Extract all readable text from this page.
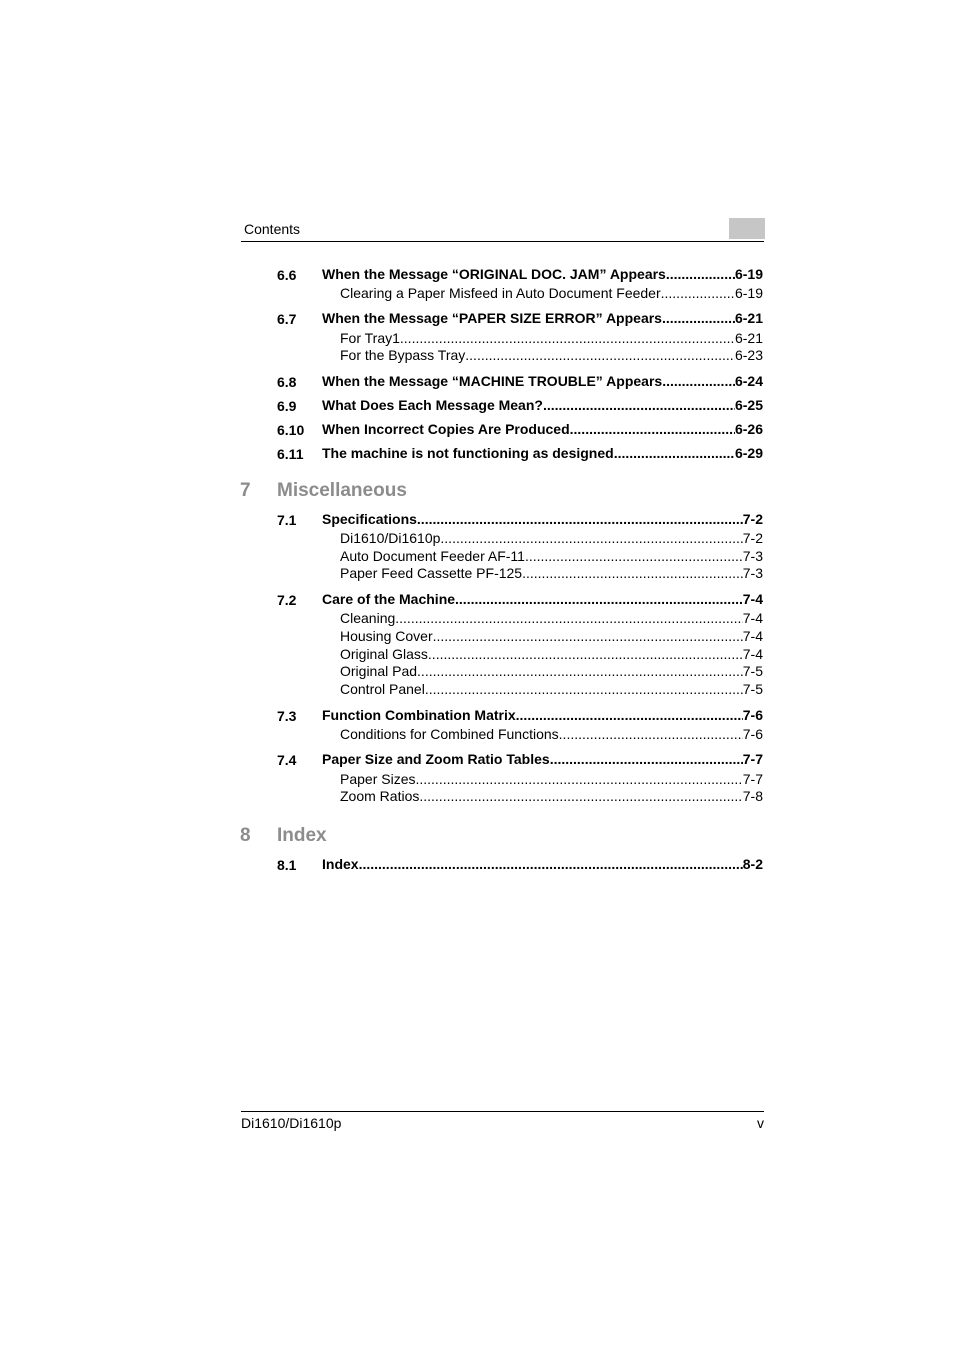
Contents
6.6 When the Message “ORIGINAL DOC. JAM” Appears .....	6-19
Clearing a Paper Misfeed in Auto Document Feeder .....	6-19
6.7 When the Message “PAPER SIZE ERROR” Appears .....	6-21
For Tray1 .....	6-21
For the Bypass Tray .....	6-23
6.8 When the Message “MACHINE TROUBLE” Appears .....	6-24
6.9 What Does Each Message Mean? .....	6-25
6.10 When Incorrect Copies Are Produced .....	6-26
6.11 The machine is not functioning as designed .....	6-29
7 Miscellaneous
7.1 Specifications .....	7-2
Di1610/Di1610p .....	7-2
Auto Document Feeder AF-11 .....	7-3
Paper Feed Cassette PF-125 .....	7-3
7.2 Care of the Machine .....	7-4
Cleaning .....	7-4
Housing Cover .....	7-4
Original Glass .....	7-4
Original Pad .....	7-5
Control Panel .....	7-5
7.3 Function Combination Matrix .....	7-6
Conditions for Combined Functions .....	7-6
7.4 Paper Size and Zoom Ratio Tables .....	7-7
Paper Sizes .....	7-7
Zoom Ratios .....	7-8
8 Index
8.1 Index .....	8-2
Di1610/Di1610p	v
